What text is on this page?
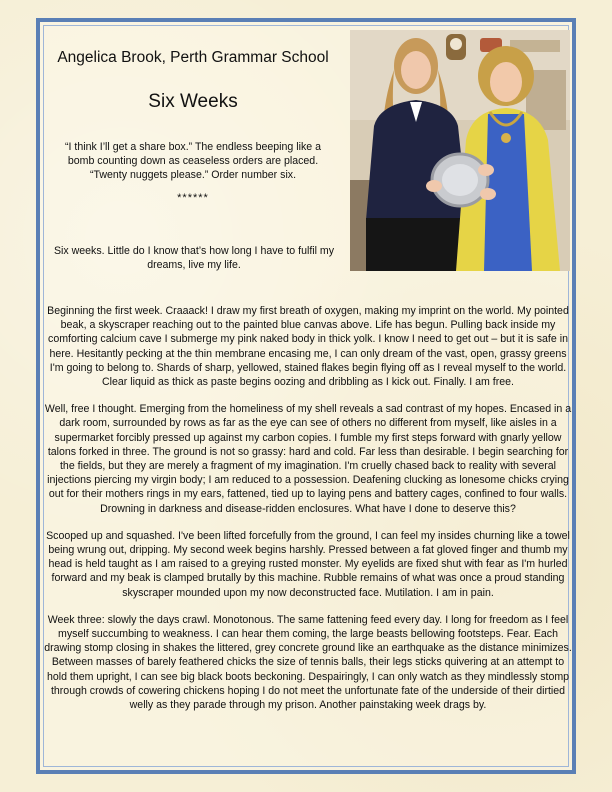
Angelica Brook, Perth Grammar School

Six Weeks

“I think I’ll get a share box.” The endless beeping like a bomb counting down as ceaseless orders are placed. “Twenty nuggets please.” Order number six.

******
Six weeks. Little do I know that’s how long I have to fulfil my dreams, live my life.

Beginning the first week. Craaack! I draw my first breath of oxygen, making my imprint on the world. My pointed beak, a skyscraper reaching out to the painted blue canvas above. Life has begun. Pulling back inside my comforting calcium cave I submerge my pink naked body in thick yolk. I know I need to get out – but it is safe in here. Hesitantly pecking at the thin membrane encasing me, I can only dream of the vast, open, grassy greens I'm going to belong to. Shards of sharp, yellowed, stained flakes begin flying off as I reveal myself to the world. Clear liquid as thick as paste begins oozing and dribbling as I kick out. Finally. I am free.

Well, free I thought. Emerging from the homeliness of my shell reveals a sad contrast of my hopes. Encased in a dark room, surrounded by rows as far as the eye can see of others no different from myself, like aisles in a supermarket forcibly pressed up against my carbon copies. I fumble my first steps forward with gnarly yellow talons forked in three. The ground is not so grassy: hard and cold. Far less than desirable. I begin searching for the fields, but they are merely a fragment of my imagination. I'm cruelly chased back to reality with several injections piercing my virgin body; I am reduced to a possession. Deafening clucking as lonesome chicks crying out for their mothers rings in my ears, fattened, tied up to laying pens and battery cages, confined to four walls. Drowning in darkness and disease-ridden enclosures. What have I done to deserve this?

Scooped up and squashed. I've been lifted forcefully from the ground, I can feel my insides churning like a towel being wrung out, dripping. My second week begins harshly. Pressed between a fat gloved finger and thumb my head is held taught as I am raised to a greying rusted monster. My eyelids are fixed shut with fear as I'm hurled forward and my beak is clamped brutally by this machine. Rubble remains of what was once a proud standing skyscraper mounded upon my now deconstructed face. Mutilation. I am in pain.

Week three: slowly the days crawl. Monotonous. The same fattening feed every day. I long for freedom as I feel myself succumbing to weakness. I can hear them coming, the large beasts bellowing footsteps. Fear. Each drawing stomp closing in shakes the littered, grey concrete ground like an earthquake as the distance minimizes. Between masses of barely feathered chicks the size of tennis balls, their legs sticks quivering at an attempt to hold them upright, I can see big black boots beckoning. Despairingly, I can only watch as they mindlessly stomp through crowds of cowering chickens hoping I do not meet the unfortunate fate of the underside of their dirtied welly as they parade through my prison. Another painstaking week drags by.
